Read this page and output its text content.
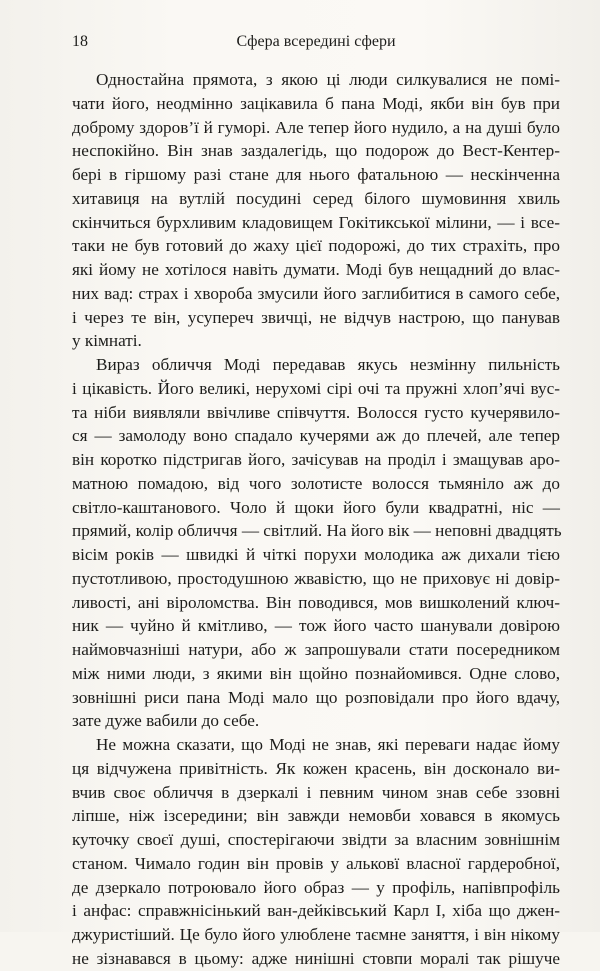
18	Сфера всередині сфери

Одностайна прямота, з якою ці люди силкувалися не помі-
чати його, неодмінно зацікавила б пана Моді, якби він був при
доброму здоров’ї й гуморі. Але тепер його нудило, а на душі було
неспокійно. Він знав заздалегідь, що подорож до Вест-Кентер-
бері в гіршому разі стане для нього фатальною — нескінченна
хитавиця на вутлій посудині серед білого шумовиння хвиль
скінчиться бурхливим кладовищем Гокітикської мілини, — і все-
таки не був готовий до жаху цієї подорожі, до тих страхіть, про
які йому не хотілося навіть думати. Моді був нещадний до влас-
них вад: страх і хвороба змусили його заглибитися в самого себе,
і через те він, усупереч звичці, не відчув настрою, що панував
у кімнаті.

Вираз обличчя Моді передавав якусь незмінну пильність
і цікавість. Його великі, нерухомі сірі очі та пружні хлоп’ячі вус-
та ніби виявляли ввічливе співчуття. Волосся густо кучерявило-
ся — замолоду воно спадало кучерями аж до плечей, але тепер
він коротко підстригав його, зачісував на проділ і змащував аро-
матною помадою, від чого золотисте волосся тьмяніло аж до
світло-каштанового. Чоло й щоки його були квадратні, ніс —
прямий, колір обличчя — світлий. На його вік — неповні двадцять
вісім років — швидкі й чіткі порухи молодика аж дихали тією
пустотливою, простодушною жвавістю, що не приховує ні довір-
ливості, ані віроломства. Він поводився, мов вишколений ключ-
ник — чуйно й кмітливо, — тож його часто шанували довірою
наймовчазніші натури, або ж запрошували стати посередником
між ними люди, з якими він щойно познайомився. Одне слово,
зовнішні риси пана Моді мало що розповідали про його вдачу,
зате дуже вабили до себе.

Не можна сказати, що Моді не знав, які переваги надає йому
ця відчужена привітність. Як кожен красень, він досконало ви-
вчив своє обличчя в дзеркалі і певним чином знав себе ззовні
ліпше, ніж ізсередини; він завжди немовби ховався в якомусь
куточку своєї душі, спостерігаючи звідти за власним зовнішнім
станом. Чимало годин він провів у альковї власної гардеробної,
де дзеркало потроювало його образ — у профіль, напівпрофіль
і анфас: справжнісінький ван-дейківський Карл I, хіба що джен-
джуристіший. Це було його улюблене таємне заняття, і він нікому
не зізнавався в цьому: адже нинішні стовпи моралі так рішуче
